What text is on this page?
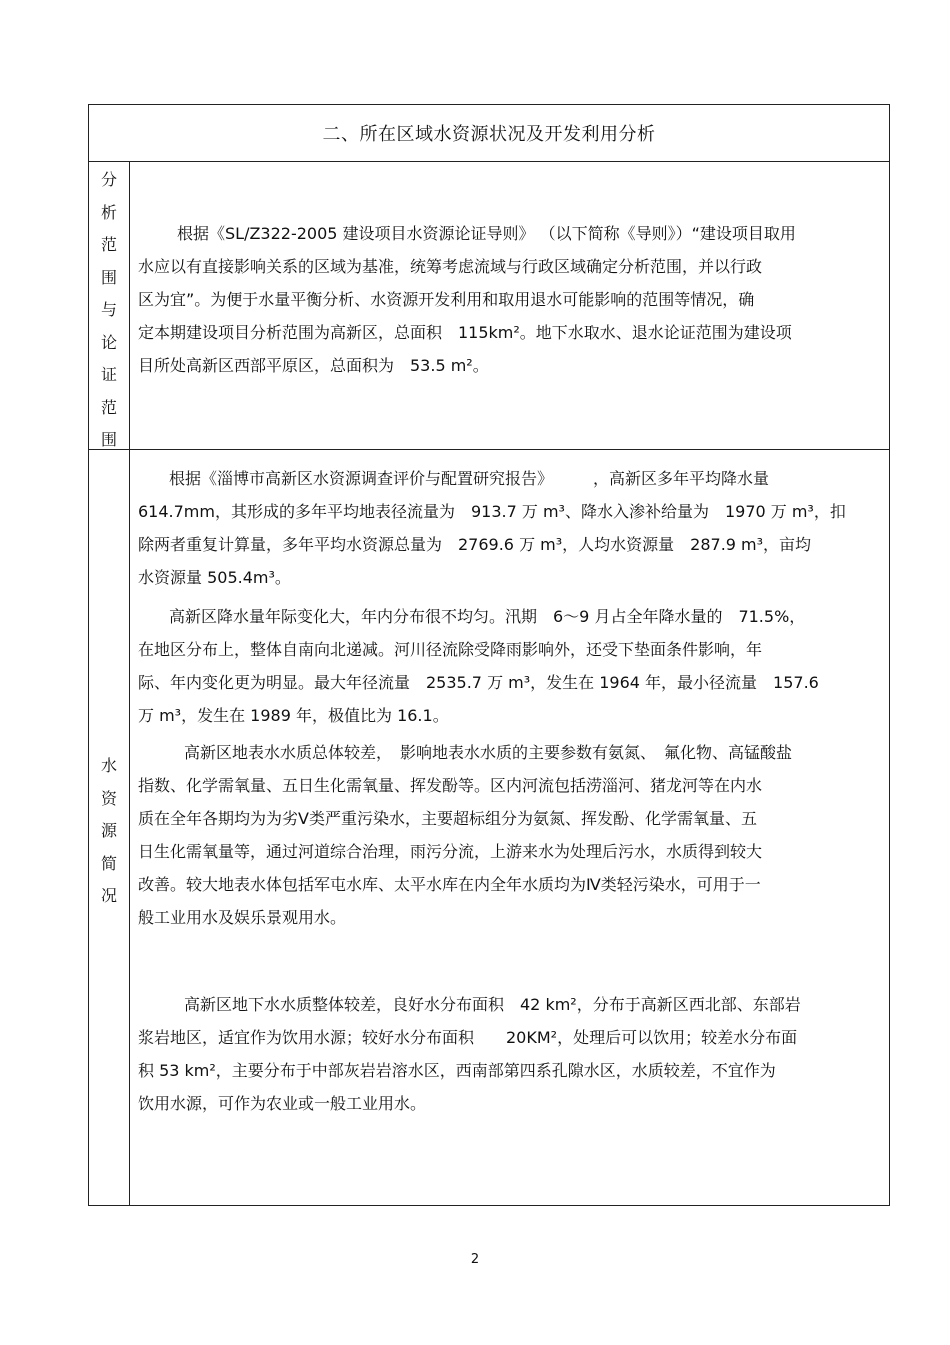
二、所在区域水资源状况及开发利用分析
分
析
范
围
与
论
证
范
围
根据《SL/Z322-2005 建设项目水资源论证导则》 （以下简称《导则》）“建设项目取用
水应以有直接影响关系的区域为基准，统筹考虑流域与行政区域确定分析范围，并以行政
区为宜”。为便于水量平衡分析、水资源开发利用和取用退水可能影响的范围等情况，确
定本期建设项目分析范围为高新区，总面积　115km²。地下水取水、退水论证范围为建设项
目所处高新区西部平原区，总面积为　53.5 m²。
水
资
源
简
况
根据《淄博市高新区水资源调查评价与配置研究报告》　　　，高新区多年平均降水量
614.7mm，其形成的多年平均地表径流量为　913.7 万 m³、降水入渗补给量为　1970 万 m³，扣
除两者重复计算量，多年平均水资源总量为　2769.6 万 m³，人均水资源量　287.9 m³，亩均
水资源量 505.4m³。
高新区降水量年际变化大，年内分布很不均匀。汛期　6～9 月占全年降水量的　71.5%，
在地区分布上，整体自南向北递减。河川径流除受降雨影响外，还受下垫面条件影响，年
际、年内变化更为明显。最大年径流量　2535.7 万 m³，发生在 1964 年，最小径流量　157.6
万 m³，发生在 1989 年，极值比为 16.1。
高新区地表水水质总体较差，　影响地表水水质的主要参数有氨氮、　氟化物、高锰酸盐
指数、化学需氧量、五日生化需氧量、挥发酚等。区内河流包括涝淄河、猪龙河等在内水
质在全年各期均为为劣Ⅴ类严重污染水，主要超标组分为氨氮、挥发酚、化学需氧量、五
日生化需氧量等，通过河道综合治理，雨污分流，上游来水为处理后污水，水质得到较大
改善。较大地表水体包括军屯水库、太平水库在内全年水质均为Ⅳ类轻污染水，可用于一
般工业用水及娱乐景观用水。
高新区地下水水质整体较差，良好水分布面积　42 km²，分布于高新区西北部、东部岩
浆岩地区，适宜作为饮用水源；较好水分布面积　　20KM²，处理后可以饮用；较差水分布面
积 53 km²，主要分布于中部灰岩岩溶水区，西南部第四系孔隙水区，水质较差，不宜作为
饮用水源，可作为农业或一般工业用水。
2
